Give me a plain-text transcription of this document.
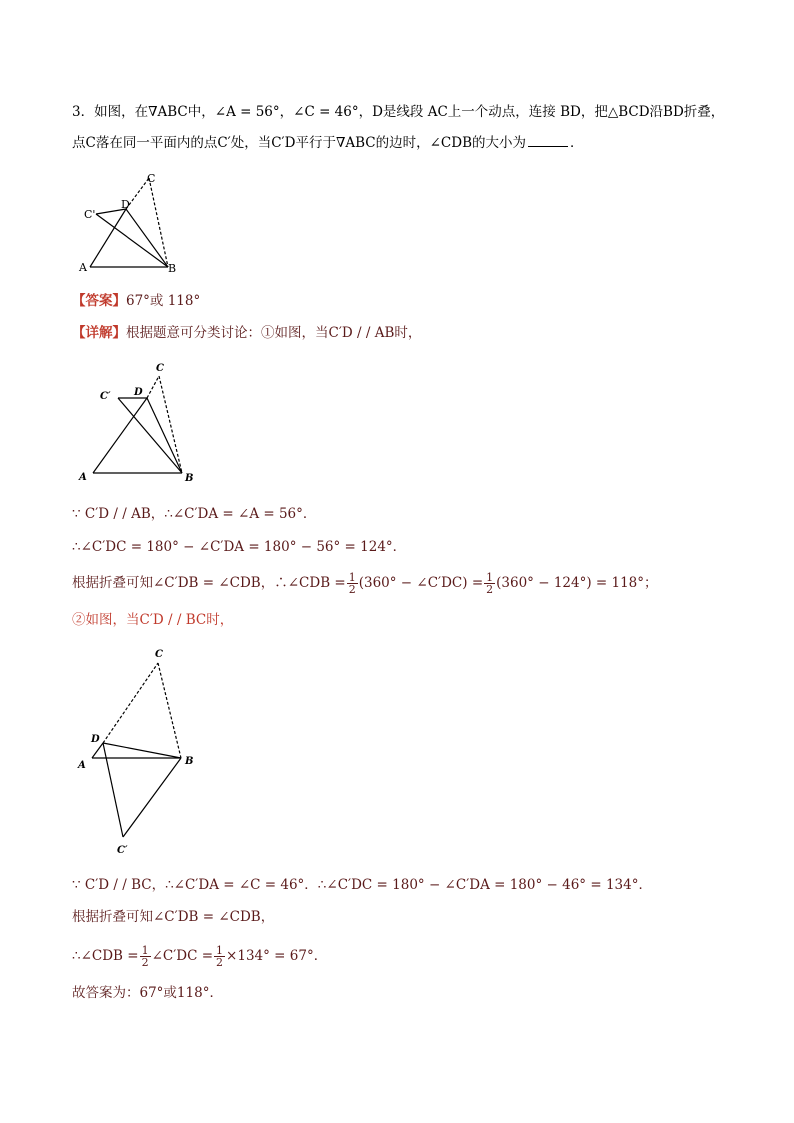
3．如图，在∇ABC中，∠A = 56°，∠C = 46°，D是线段 AC上一个动点，连接 BD，把△BCD沿BD折叠，
点C落在同一平面内的点C′处，当C′D平行于∇ABC的边时，∠CDB的大小为	．
A	B
C
D
C'
【答案】67°或 118°
【详解】根据题意可分类讨论：①如图，当C′D / / AB时，
A	B
C
D
C′
∵ C′D / / AB，∴∠C′DA = ∠A = 56°．
∴∠C′DC = 180° − ∠C′DA = 180° − 56° = 124°．
根据折叠可知∠C′DB = ∠CDB，∴∠CDB = $\frac{1}{2} (360^\circ$ − ∠C′DC) = $\frac{1}{2} (360^\circ - 124^\circ) = 118^\circ$；
②如图，当C′D / / BC时，
A	B
C
D
C′
∵ C′D / / BC，∴∠C′DA = ∠C = 46°．∴∠C′DC = 180° − ∠C′DA = 180° − 46° = 134°．
根据折叠可知∠C′DB = ∠CDB，
∴∠CDB = $\frac{1}{2}$ ∠C′DC = $\frac{1}{2} \times 134^\circ = 67^\circ$．
故答案为：67°或118°．
